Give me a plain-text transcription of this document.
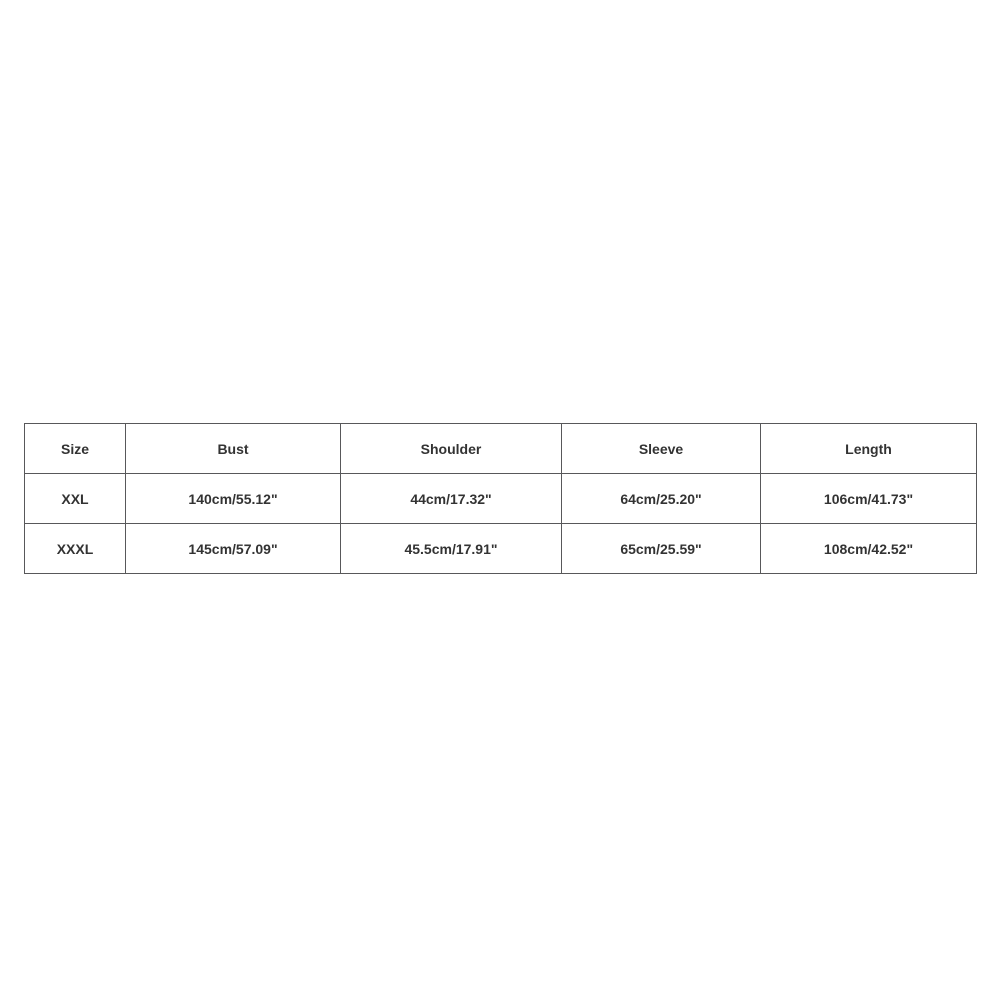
Size	Bust	Shoulder	Sleeve	Length
XXL	140cm/55.12"	44cm/17.32"	64cm/25.20"	106cm/41.73"
XXXL	145cm/57.09"	45.5cm/17.91"	65cm/25.59"	108cm/42.52"
